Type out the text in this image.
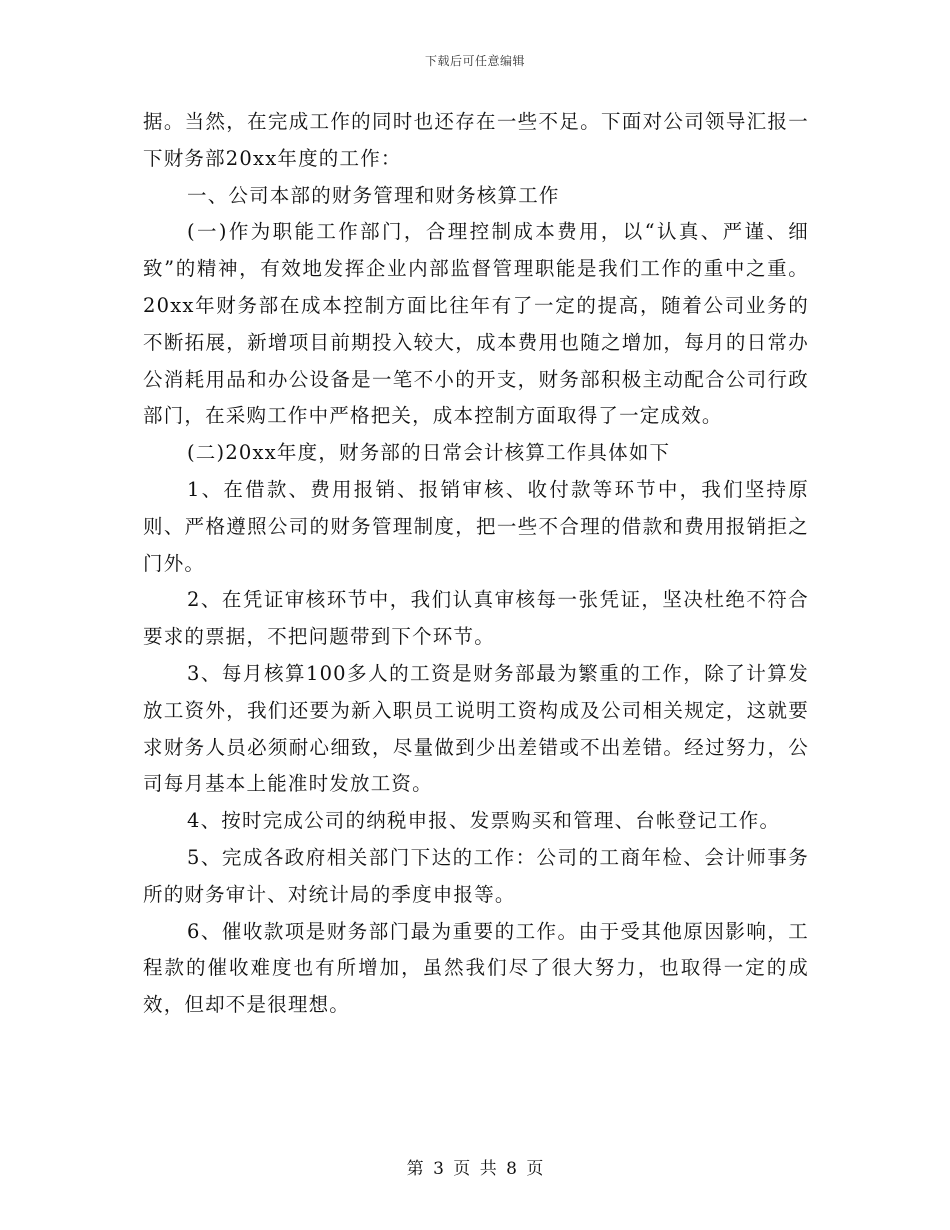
下载后可任意编辑

据。当然，在完成工作的同时也还存在一些不足。下面对公司领导汇报一下财务部20xx年度的工作：

一、公司本部的财务管理和财务核算工作

(一)作为职能工作部门，合理控制成本费用，以“认真、严谨、细致”的精神，有效地发挥企业内部监督管理职能是我们工作的重中之重。20xx年财务部在成本控制方面比往年有了一定的提高，随着公司业务的不断拓展，新增项目前期投入较大，成本费用也随之增加，每月的日常办公消耗用品和办公设备是一笔不小的开支，财务部积极主动配合公司行政部门，在采购工作中严格把关，成本控制方面取得了一定成效。

(二)20xx年度，财务部的日常会计核算工作具体如下

1、在借款、费用报销、报销审核、收付款等环节中，我们坚持原则、严格遵照公司的财务管理制度，把一些不合理的借款和费用报销拒之门外。

2、在凭证审核环节中，我们认真审核每一张凭证，坚决杜绝不符合要求的票据，不把问题带到下个环节。

3、每月核算100多人的工资是财务部最为繁重的工作，除了计算发放工资外，我们还要为新入职员工说明工资构成及公司相关规定，这就要求财务人员必须耐心细致，尽量做到少出差错或不出差错。经过努力，公司每月基本上能准时发放工资。

4、按时完成公司的纳税申报、发票购买和管理、台帐登记工作。

5、完成各政府相关部门下达的工作：公司的工商年检、会计师事务所的财务审计、对统计局的季度申报等。

6、催收款项是财务部门最为重要的工作。由于受其他原因影响，工程款的催收难度也有所增加，虽然我们尽了很大努力，也取得一定的成效，但却不是很理想。

第 3 页 共 8 页
